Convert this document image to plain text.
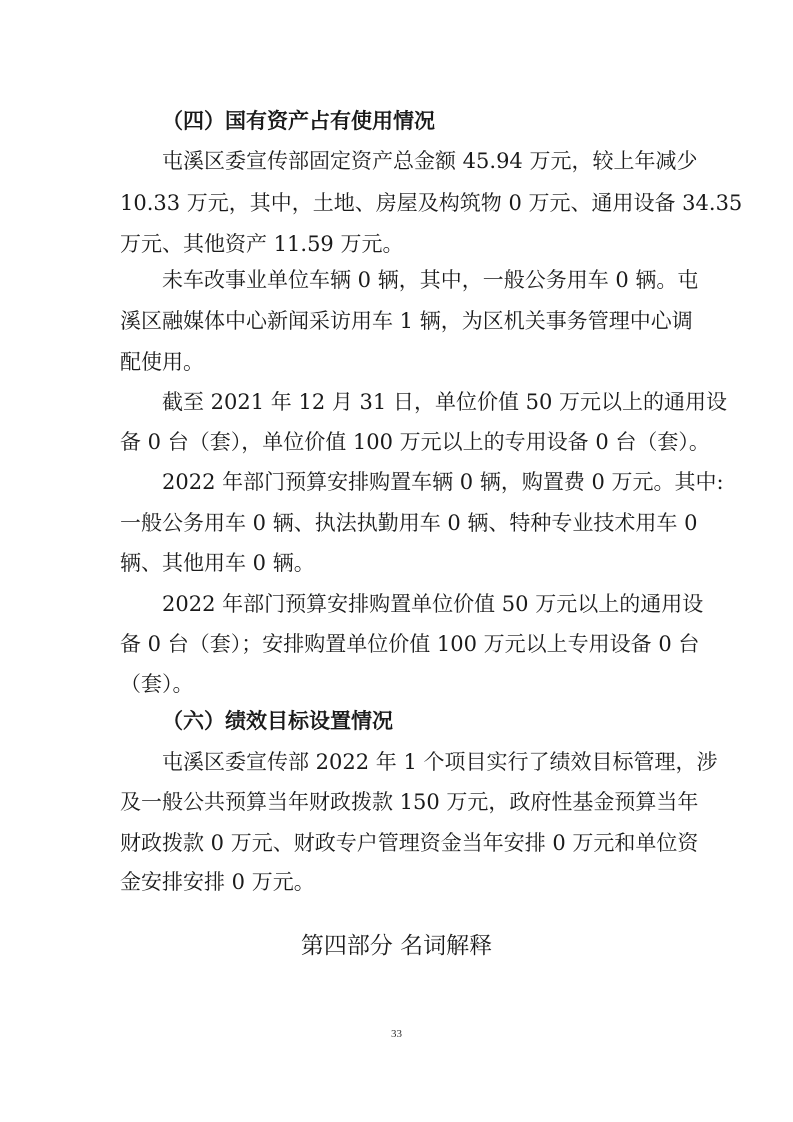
（四）国有资产占有使用情况
屯溪区委宣传部固定资产总金额 45.94 万元，较上年减少
10.33 万元，其中，土地、房屋及构筑物 0 万元、通用设备 34.35
万元、其他资产 11.59 万元。
未车改事业单位车辆 0 辆，其中，一般公务用车 0 辆。屯
溪区融媒体中心新闻采访用车 1 辆，为区机关事务管理中心调
配使用。
截至 2021 年 12 月 31 日，单位价值 50 万元以上的通用设
备 0 台（套），单位价值 100 万元以上的专用设备 0 台（套）。
2022 年部门预算安排购置车辆 0 辆，购置费 0 万元。其中:
一般公务用车 0 辆、执法执勤用车 0 辆、特种专业技术用车 0
辆、其他用车 0 辆。
2022 年部门预算安排购置单位价值 50 万元以上的通用设
备 0 台（套）；安排购置单位价值 100 万元以上专用设备 0 台
（套）。
（六）绩效目标设置情况
屯溪区委宣传部 2022 年 1 个项目实行了绩效目标管理，涉
及一般公共预算当年财政拨款 150 万元，政府性基金预算当年
财政拨款 0 万元、财政专户管理资金当年安排 0 万元和单位资
金安排安排 0 万元。
第四部分 名词解释
33
